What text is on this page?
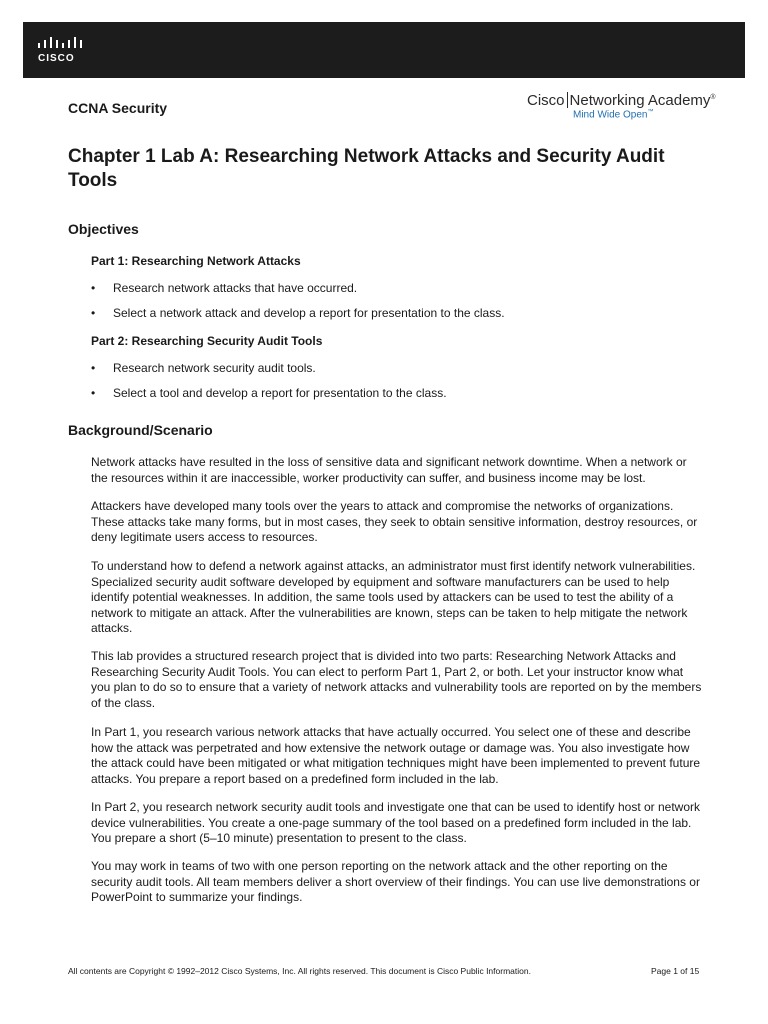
CISCO
CCNA Security	Cisco Networking Academy®
Mind Wide Open™
Chapter 1 Lab A: Researching Network Attacks and Security Audit Tools
Objectives
Part 1: Researching Network Attacks

• Research network attacks that have occurred.

• Select a network attack and develop a report for presentation to the class.

Part 2: Researching Security Audit Tools

• Research network security audit tools.

• Select a tool and develop a report for presentation to the class.

Background/Scenario

Network attacks have resulted in the loss of sensitive data and significant network downtime. When a network or the resources within it are inaccessible, worker productivity can suffer, and business income may be lost.

Attackers have developed many tools over the years to attack and compromise the networks of organizations. These attacks take many forms, but in most cases, they seek to obtain sensitive information, destroy resources, or deny legitimate users access to resources.

To understand how to defend a network against attacks, an administrator must first identify network vulnerabilities. Specialized security audit software developed by equipment and software manufacturers can be used to help identify potential weaknesses. In addition, the same tools used by attackers can be used to test the ability of a network to mitigate an attack. After the vulnerabilities are known, steps can be taken to help mitigate the network attacks.

This lab provides a structured research project that is divided into two parts: Researching Network Attacks and Researching Security Audit Tools. You can elect to perform Part 1, Part 2, or both. Let your instructor know what you plan to do so to ensure that a variety of network attacks and vulnerability tools are reported on by the members of the class.

In Part 1, you research various network attacks that have actually occurred. You select one of these and describe how the attack was perpetrated and how extensive the network outage or damage was. You also investigate how the attack could have been mitigated or what mitigation techniques might have been implemented to prevent future attacks. You prepare a report based on a predefined form included in the lab.

In Part 2, you research network security audit tools and investigate one that can be used to identify host or network device vulnerabilities. You create a one-page summary of the tool based on a predefined form included in the lab. You prepare a short (5–10 minute) presentation to present to the class.

You may work in teams of two with one person reporting on the network attack and the other reporting on the security audit tools. All team members deliver a short overview of their findings. You can use live demonstrations or PowerPoint to summarize your findings.

All contents are Copyright © 1992–2012 Cisco Systems, Inc. All rights reserved. This document is Cisco Public Information.	Page 1 of 15
